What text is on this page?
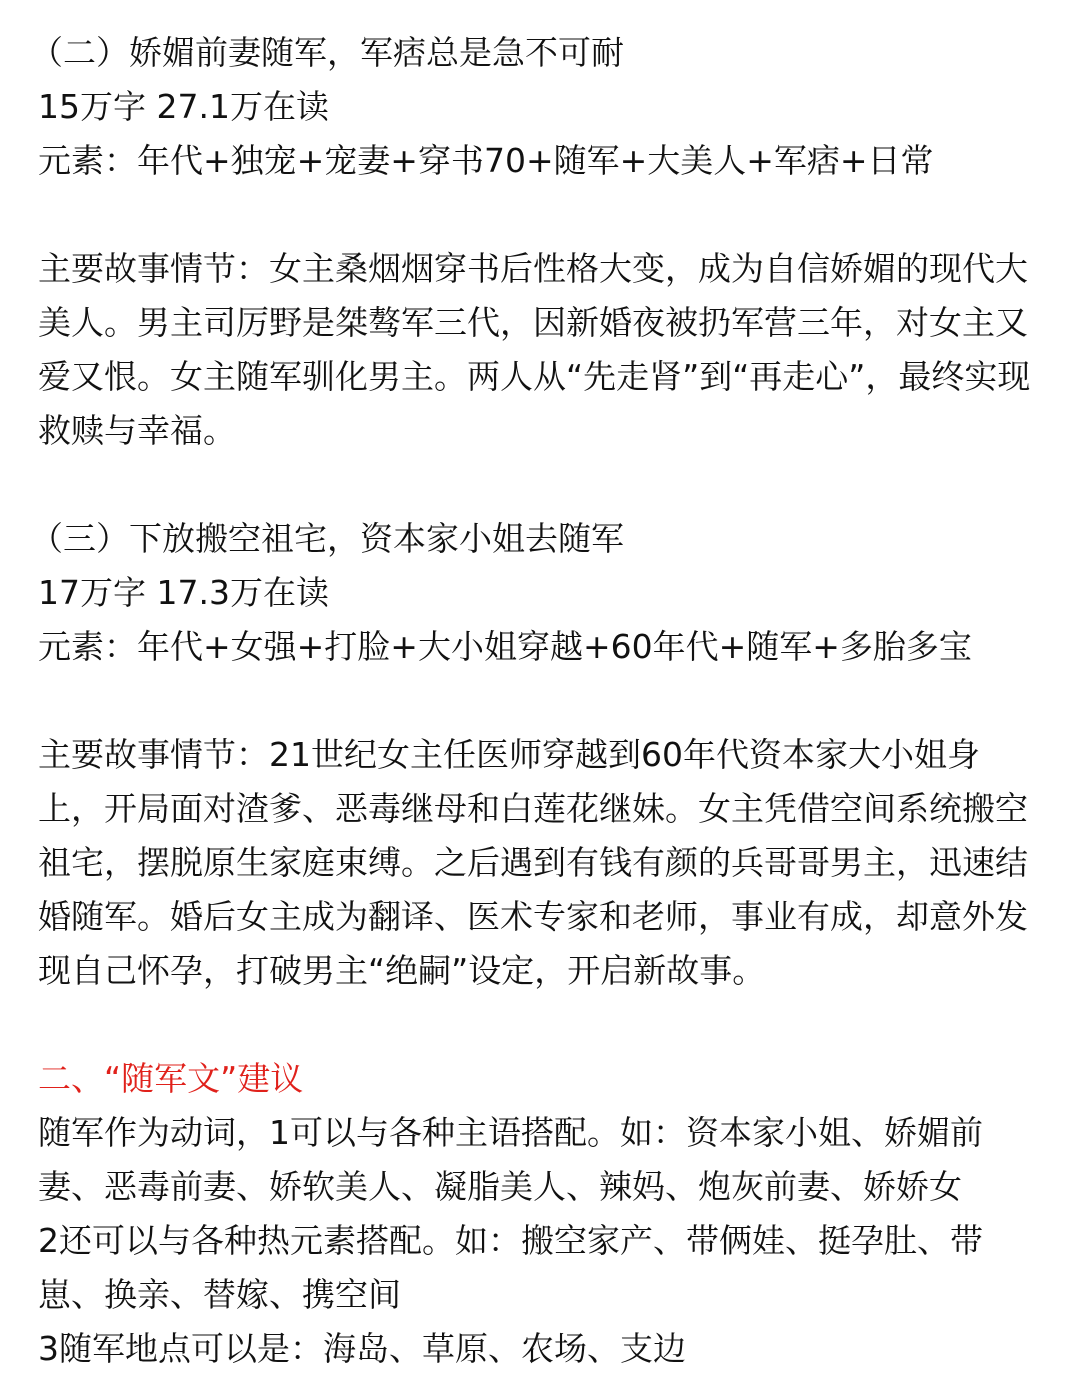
（二）娇媚前妻随军，军痞总是急不可耐
15万字 27.1万在读
元素：年代+独宠+宠妻+穿书70+随军+大美人+军痞+日常
主要故事情节：女主桑烟烟穿书后性格大变，成为自信娇媚的现代大美人。男主司厉野是桀骜军三代，因新婚夜被扔军营三年，对女主又爱又恨。女主随军驯化男主。两人从“先走肾”到“再走心”，最终实现救赎与幸福。
（三）下放搬空祖宅，资本家小姐去随军
17万字 17.3万在读
元素：年代+女强+打脸+大小姐穿越+60年代+随军+多胎多宝
主要故事情节：21世纪女主任医师穿越到60年代资本家大小姐身上，开局面对渣爹、恶毒继母和白莲花继妹。女主凭借空间系统搬空祖宅，摆脱原生家庭束缚。之后遇到有钱有颜的兵哥哥男主，迅速结婚随军。婚后女主成为翻译、医术专家和老师，事业有成，却意外发现自己怀孕，打破男主“绝嗣”设定，开启新故事。
二、“随军文”建议
随军作为动词，1可以与各种主语搭配。如：资本家小姐、娇媚前妻、恶毒前妻、娇软美人、凝脂美人、辣妈、炮灰前妻、娇娇女
2还可以与各种热元素搭配。如：搬空家产、带俩娃、挺孕肚、带崽、换亲、替嫁、携空间
3随军地点可以是：海岛、草原、农场、支边
